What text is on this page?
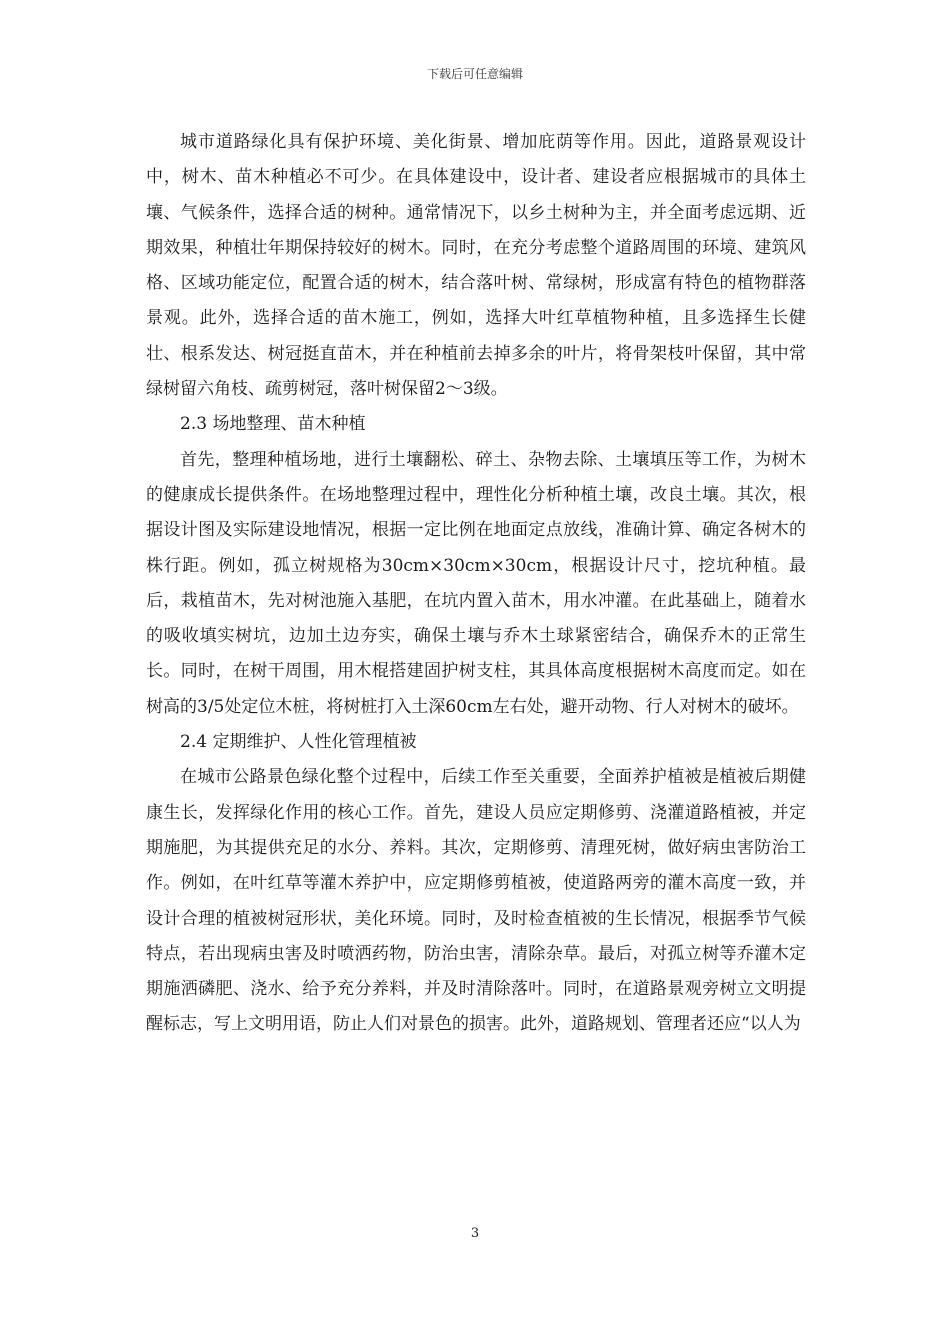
下载后可任意编辑

城市道路绿化具有保护环境、美化街景、增加庇荫等作用。因此，道路景观设计中，树木、苗木种植必不可少。在具体建设中，设计者、建设者应根据城市的具体土壤、气候条件，选择合适的树种。通常情况下，以乡土树种为主，并全面考虑远期、近期效果，种植壮年期保持较好的树木。同时，在充分考虑整个道路周围的环境、建筑风格、区域功能定位，配置合适的树木，结合落叶树、常绿树，形成富有特色的植物群落景观。此外，选择合适的苗木施工，例如，选择大叶红草植物种植，且多选择生长健壮、根系发达、树冠挺直苗木，并在种植前去掉多余的叶片，将骨架枝叶保留，其中常绿树留六角枝、疏剪树冠，落叶树保留2～3级。

2.3 场地整理、苗木种植

首先，整理种植场地，进行土壤翻松、碎土、杂物去除、土壤填压等工作，为树木的健康成长提供条件。在场地整理过程中，理性化分析种植土壤，改良土壤。其次，根据设计图及实际建设地情况，根据一定比例在地面定点放线，准确计算、确定各树木的株行距。例如，孤立树规格为30cm×30cm×30cm，根据设计尺寸，挖坑种植。最后，栽植苗木，先对树池施入基肥，在坑内置入苗木，用水冲灌。在此基础上，随着水的吸收填实树坑，边加土边夯实，确保土壤与乔木土球紧密结合，确保乔木的正常生长。同时，在树干周围，用木棍搭建固护树支柱，其具体高度根据树木高度而定。如在树高的3/5处定位木桩，将树桩打入土深60cm左右处，避开动物、行人对树木的破坏。

2.4 定期维护、人性化管理植被

在城市公路景色绿化整个过程中，后续工作至关重要，全面养护植被是植被后期健康生长，发挥绿化作用的核心工作。首先，建设人员应定期修剪、浇灌道路植被，并定期施肥，为其提供充足的水分、养料。其次，定期修剪、清理死树，做好病虫害防治工作。例如，在叶红草等灌木养护中，应定期修剪植被，使道路两旁的灌木高度一致，并设计合理的植被树冠形状，美化环境。同时，及时检查植被的生长情况，根据季节气候特点，若出现病虫害及时喷洒药物，防治虫害，清除杂草。最后，对孤立树等乔灌木定期施洒磷肥、浇水、给予充分养料，并及时清除落叶。同时，在道路景观旁树立文明提醒标志，写上文明用语，防止人们对景色的损害。此外，道路规划、管理者还应“以人为

3
